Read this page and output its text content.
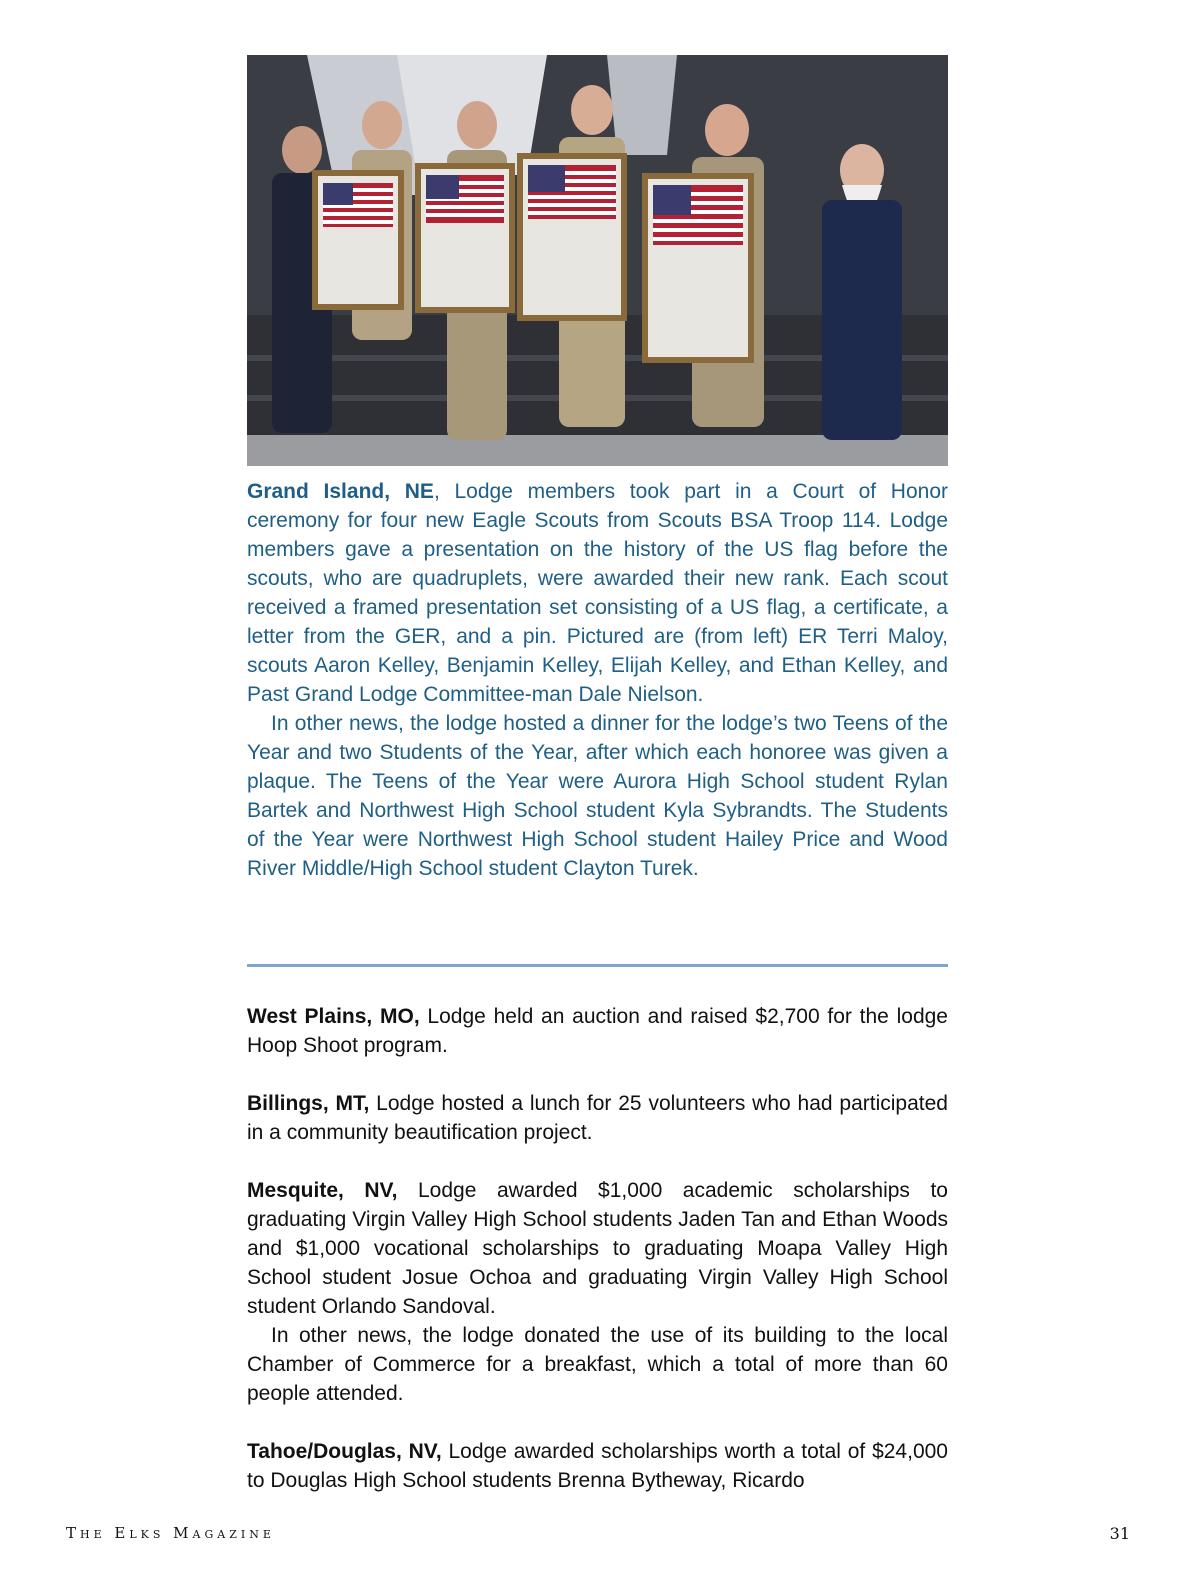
Grand Island, NE, Lodge members took part in a Court of Honor ceremony for four new Eagle Scouts from Scouts BSA Troop 114. Lodge members gave a presentation on the history of the US flag before the scouts, who are quadruplets, were awarded their new rank. Each scout received a framed presentation set consisting of a US flag, a certificate, a letter from the GER, and a pin. Pictured are (from left) ER Terri Maloy, scouts Aaron Kelley, Benjamin Kelley, Elijah Kelley, and Ethan Kelley, and Past Grand Lodge Committee-man Dale Nielson.

In other news, the lodge hosted a dinner for the lodge’s two Teens of the Year and two Students of the Year, after which each honoree was given a plaque. The Teens of the Year were Aurora High School student Rylan Bartek and Northwest High School student Kyla Sybrandts. The Students of the Year were Northwest High School student Hailey Price and Wood River Middle/High School student Clayton Turek.

West Plains, MO, Lodge held an auction and raised $2,700 for the lodge Hoop Shoot program.

Billings, MT, Lodge hosted a lunch for 25 volunteers who had participated in a community beautification project.

Mesquite, NV, Lodge awarded $1,000 academic scholarships to graduating Virgin Valley High School students Jaden Tan and Ethan Woods and $1,000 vocational scholarships to graduating Moapa Valley High School student Josue Ochoa and graduating Virgin Valley High School student Orlando Sandoval.

In other news, the lodge donated the use of its building to the local Chamber of Commerce for a breakfast, which a total of more than 60 people attended.

Tahoe/Douglas, NV, Lodge awarded scholarships worth a total of $24,000 to Douglas High School students Brenna Bytheway, Ricardo

The Elks Magazine	31
